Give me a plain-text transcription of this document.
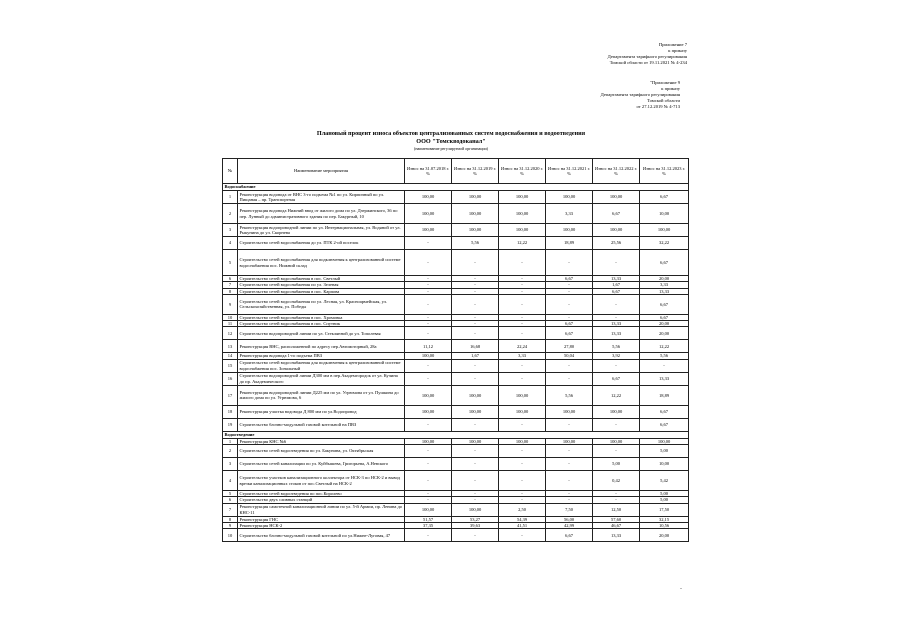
Приложение 7
к приказу
Департамента тарифного регулирования
Томской области от 19.11.2021 № 4-234
"Приложение 9
к приказу
Департамента тарифного регулирования
Томской области
от 27.12.2019 № 4-713
Плановый процент износа объектов централизованных систем водоснабжения и водоотведения
ООО "Томскводоканал"
(наименование регулируемой организации)
№	Наименование мероприятия	Износ на 31.07.2018 г. %	Износ на 31.12.2019 г. %	Износ на 31.12.2020 г. %	Износ на 31.12.2021 г. %	Износ на 31.12.2022 г. %	Износ на 31.12.2023 г. %
Водоснабжение							
1	Реконструкция водовода от ВНС 3-го подъема №1 по ул. Кирпичный по ул. Пищаная – пр. Транспортная	100,00	100,00	100,00	100,00	100,00	6,67
2	Реконструкция водовода Нижний ввод от жилого дома по ул. Дзержинского, 36 по пер. Лунный до административного здания по пер. Бакурный, 10	100,00	100,00	100,00	3,33	6,67	10,00
3	Реконструкция водопроводной линии по ул. Интернациональная, ул. Водяной от ул. Рыкунина до ул. Скорнева	100,00	100,00	100,00	100,00	100,00	100,00
4	Строительство сетей водоснабжения до ул. ПТК 2-ой поселок	-	5,56	12,22	18,89	25,56	32,22
5	Строительство сетей водоснабжения для подключения к централизованной системе водоснабжения пос. Нижний склад	-	-	-	-	-	6,67
6	Строительство сетей водоснабжения в пос. Светлый	-	-	-	6,67	13,33	20,00
7	Строительство сетей водоснабжения по ул. Зеленая	-	-	-	-	1,67	3,33
8	Строительство сетей водоснабжения в пос. Карпова	-	-	-	-	6,67	13,33
9	Строительство сетей водоснабжения по ул. Лесная, ул. Красноармейская, ул. Сельскохозяйственная, ул. Победы	-	-	-	-	-	6,67
10	Строительство сетей водоснабжения в пос. Хромовка	-	-	-	-	-	6,67
11	Строительство сетей водоснабжения в пос. Спутник	-	-	-	6,67	13,33	20,00
12	Строительство водопроводной линии по ул. Стеклянной до ул. Тополевая	-	-	-	6,67	13,33	20,00
13	Реконструкция ВНС, расположенной по адресу пер.Автомоторный, 28а	11,12	16,68	22,24	27,80	5,56	12,22
14	Реконструкция водовода 1-го подъема ПВЗ	100,00	1,67	3,33	50,04	3,92	5,56
15	Строительство сетей водоснабжения для подключения к централизованной системе водоснабжения пос. Зональный	-	-	-	-	-	-
16	Строительство водопроводной линии Д300 мм в пер.Академгородок от ул. Кучина до пр. Академического	-	-	-	-	6,67	13,33
17	Реконструкция водопроводной линии Д225 мм по ул. Угрюмова от ул. Пушкина до жилого дома по ул. Угрюмова, 6	100,00	100,00	100,00	5,56	12,22	18,89
18	Реконструкция участка водовода Д 800 мм по ул.Водопровод	100,00	100,00	100,00	100,00	100,00	6,67
19	Строительство блочно-модульной газовой котельной на ПВЗ	-	-	-	-	-	6,67
Водоотведение							
1	Реконструкция КНС №6	100,00	100,00	100,00	100,00	100,00	100,00
2	Строительство сетей водоотведения по ул. Бакунина, ул. Октябрьская	-	-	-	-	-	5,00
3	Строительство сетей канализации по ул. Куйбышева, Григорьева, А.Невского	-	-	-	-	5,00	10,00
4	Строительство участков канализационного коллектора от НСК-3 по НСК-2 и вывод врезки канализационных стоков от пос.Светлый на НСК-2	-	-	-	-	0,42	5,42
5	Строительство сетей водоотведения по пос.Королево	-	-	-	-	-	5,00
6	Строительство двух сливных станций	-	-	-	-	-	5,00
7	Реконструкция самотечной канализационной линии по ул. 5-й Армии, пр. Ленина до КНС-11	100,00	100,00	2,50	7,50	12,50	17,50
8	Реконструкция ГНС	51,57	53,27	54,39	56,00	57,60	32,15
9	Реконструкция НСК-2	37,35	39,63	41,51	42,99	46,67	10,56
10	Строительство блочно-модульной газовой котельной по ул.Нижне-Луговая, 47	-	-	-	6,67	13,33	20,00
"
